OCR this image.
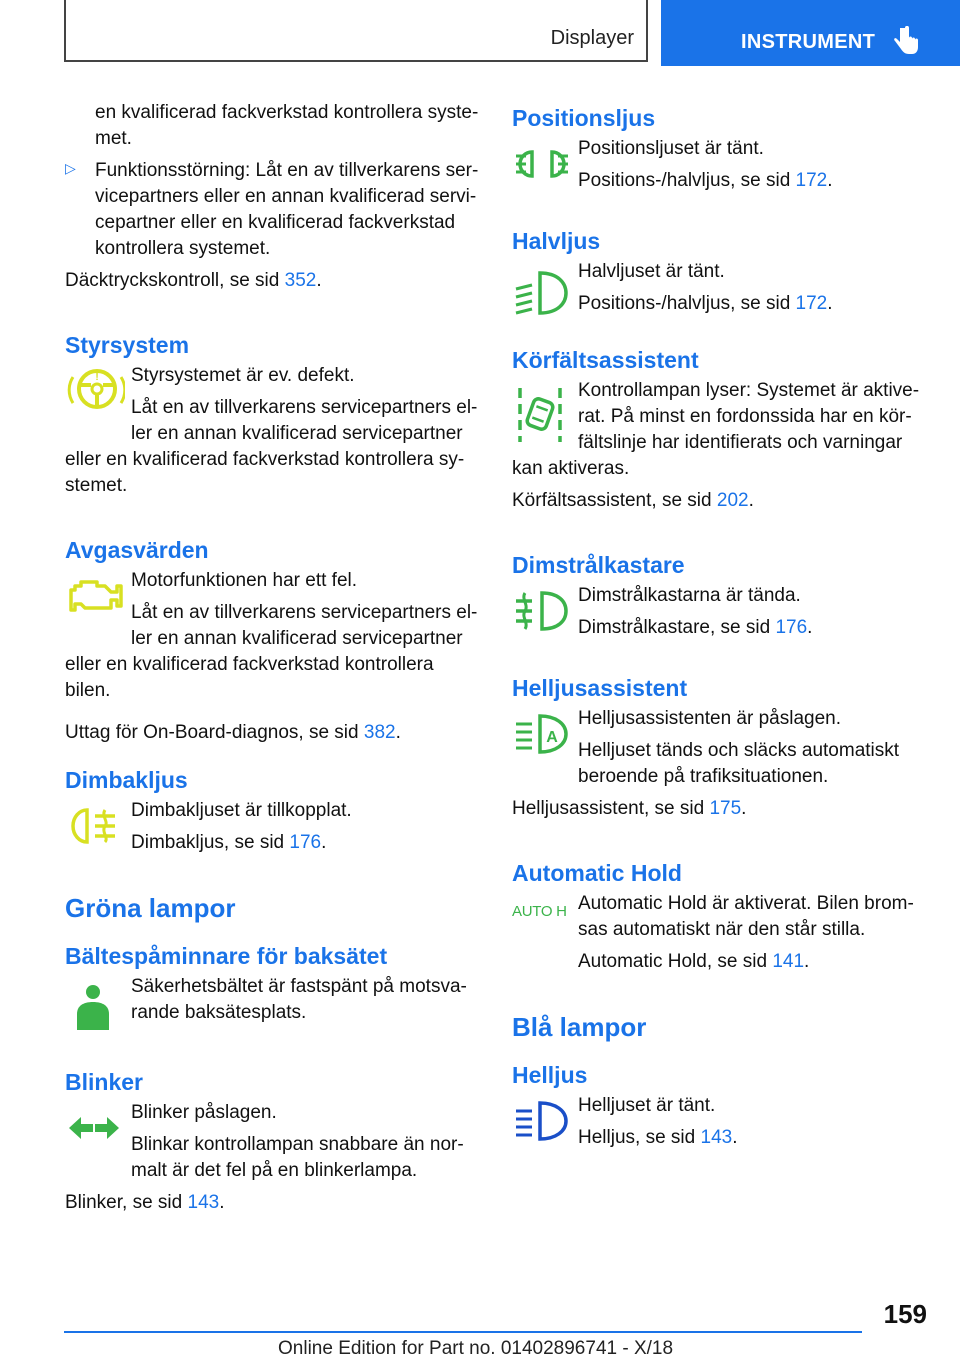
Displayer	INSTRUMENT

en kvalificerad fackverkstad kontrollera syste-met.

▷	Funktionsstörning: Låt en av tillverkarens ser-vicepartners eller en annan kvalificerad servi-cepartner eller en kvalificerad fackverkstad kontrollera systemet.

Däcktryckskontroll, se sid 352.

Styrsystem
!	Styrsystemet är ev. defekt.

Låt en av tillverkarens servicepartners el-ler en annan kvalificerad servicepartner

eller en kvalificerad fackverkstad kontrollera sy-stemet.

Avgasvärden

Motorfunktionen har ett fel.

Låt en av tillverkarens servicepartners el-ler en annan kvalificerad servicepartner

eller en kvalificerad fackverkstad kontrollera bilen.

Uttag för On-Board-diagnos, se sid 382.

Dimbakljus

Dimbakljuset är tillkopplat.

Dimbakljus, se sid 176.

Gröna lampor
Bältespåminnare för baksätet

Säkerhetsbältet är fastspänt på motsva-rande baksätesplats.

Blinker

Blinker påslagen.

Blinkar kontrollampan snabbare än nor-malt är det fel på en blinkerlampa.

Blinker, se sid 143.

Positionsljus

Positionsljuset är tänt.

Positions-/halvljus, se sid 172.

Halvljus

Halvljuset är tänt.

Positions-/halvljus, se sid 172.

Körfältsassistent

Kontrollampan lyser: Systemet är aktive-rat. På minst en fordonssida har en kör-fältslinje har identifierats och varningar

kan aktiveras.

Körfältsassistent, se sid 202.

Dimstrålkastare

Dimstrålkastarna är tända.

Dimstrålkastare, se sid 176.

Helljusassistent
A

Helljusassistenten är påslagen.

Helljuset tänds och släcks automatiskt beroende på trafiksituationen.

Helljusassistent, se sid 175.

Automatic Hold
AUTO H Automatic Hold är aktiverat. Bilen brom-sas automatiskt när den står stilla.

Automatic Hold, se sid 141.

Blå lampor
Helljus

Helljuset är tänt.

Helljus, se sid 143.

159
Online Edition for Part no. 01402896741 - X/18
